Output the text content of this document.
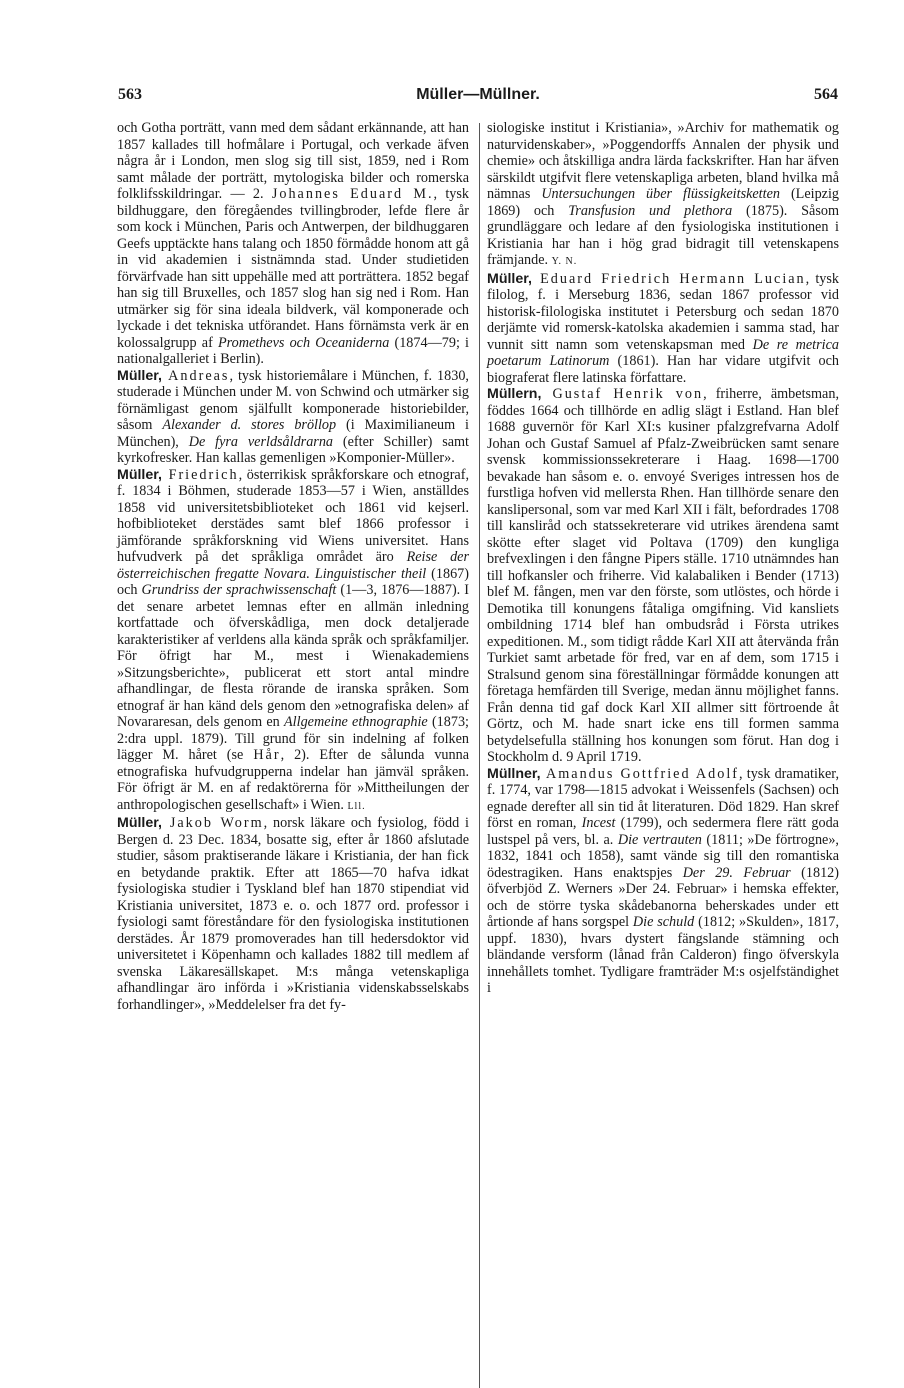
563	Müller—Müllner.	564

och Gotha porträtt, vann med dem sådant erkännande, att han 1857 kallades till hofmålare i Portugal, och verkade äfven några år i London, men slog sig till sist, 1859, ned i Rom samt målade der porträtt, mytologiska bilder och romerska folklifsskildringar. — 2. Johannes Eduard M., tysk bildhuggare, den föregåendes tvillingbroder, lefde flere år som kock i München, Paris och Antwerpen, der bildhuggaren Geefs upptäckte hans talang och 1850 förmådde honom att gå in vid akademien i sistnämnda stad. Under studietiden förvärfvade han sitt uppehälle med att porträttera. 1852 begaf han sig till Bruxelles, och 1857 slog han sig ned i Rom. Han utmärker sig för sina ideala bildverk, väl komponerade och lyckade i det tekniska utförandet. Hans förnämsta verk är en kolossalgrupp af Promethevs och Oceaniderna (1874—79; i nationalgalleriet i Berlin).

Müller, Andreas, tysk historiemålare i München, f. 1830, studerade i München under M. von Schwind och utmärker sig förnämligast genom själfullt komponerade historiebilder, såsom Alexander d. stores bröllop (i Maximilianeum i München), De fyra verldsåldrarna (efter Schiller) samt kyrkofresker. Han kallas gemenligen »Komponier-Müller».

Müller, Friedrich, österrikisk språkforskare och etnograf, f. 1834 i Böhmen, studerade 1853—57 i Wien, anställdes 1858 vid universitetsbiblioteket och 1861 vid kejserl. hofbiblioteket derstädes samt blef 1866 professor i jämförande språkforskning vid Wiens universitet. Hans hufvudverk på det språkliga området äro Reise der österreichischen fregatte Novara. Linguistischer theil (1867) och Grundriss der sprachwissenschaft (1—3, 1876—1887). I det senare arbetet lemnas efter en allmän inledning kortfattade och öfverskådliga, men dock detaljerade karakteristiker af verldens alla kända språk och språkfamiljer. För öfrigt har M., mest i Wienakademiens »Sitzungsberichte», publicerat ett stort antal mindre afhandlingar, de flesta rörande de iranska språken. Som etnograf är han känd dels genom den »etnografiska delen» af Novararesan, dels genom en Allgemeine ethnographie (1873; 2:dra uppl. 1879). Till grund för sin indelning af folken lägger M. håret (se Hår, 2). Efter de sålunda vunna etnografiska hufvudgrupperna indelar han jämväl språken. För öfrigt är M. en af redaktörerna för »Mittheilungen der anthropologischen gesellschaft» i Wien. Lll.

Müller, Jakob Worm, norsk läkare och fysiolog, född i Bergen d. 23 Dec. 1834, bosatte sig, efter år 1860 afslutade studier, såsom praktiserande läkare i Kristiania, der han fick en betydande praktik. Efter att 1865—70 hafva idkat fysiologiska studier i Tyskland blef han 1870 stipendiat vid Kristiania universitet, 1873 e. o. och 1877 ord. professor i fysiologi samt föreståndare för den fysiologiska institutionen derstädes. År 1879 promoverades han till hedersdoktor vid universitetet i Köpenhamn och kallades 1882 till medlem af svenska Läkaresällskapet. M:s många vetenskapliga afhandlingar äro införda i »Kristiania videnskabsselskabs forhandlinger», »Meddelelser fra det fy-

siologiske institut i Kristiania», »Archiv for mathematik og naturvidenskaber», »Poggendorffs Annalen der physik und chemie» och åtskilliga andra lärda fackskrifter. Han har äfven särskildt utgifvit flere vetenskapliga arbeten, bland hvilka må nämnas Untersuchungen über flüssigkeitsketten (Leipzig 1869) och Transfusion und plethora (1875). Såsom grundläggare och ledare af den fysiologiska institutionen i Kristiania har han i hög grad bidragit till vetenskapens främjande. Y. N.

Müller, Eduard Friedrich Hermann Lucian, tysk filolog, f. i Merseburg 1836, sedan 1867 professor vid historisk-filologiska institutet i Petersburg och sedan 1870 derjämte vid romersk-katolska akademien i samma stad, har vunnit sitt namn som vetenskapsman med De re metrica poetarum Latinorum (1861). Han har vidare utgifvit och biograferat flere latinska författare.

Müllern, Gustaf Henrik von, friherre, ämbetsman, föddes 1664 och tillhörde en adlig slägt i Estland. Han blef 1688 guvernör för Karl XI:s kusiner pfalzgrefvarna Adolf Johan och Gustaf Samuel af Pfalz-Zweibrücken samt senare svensk kommissionssekreterare i Haag. 1698—1700 bevakade han såsom e. o. envoyé Sveriges intressen hos de furstliga hofven vid mellersta Rhen. Han tillhörde senare den kanslipersonal, som var med Karl XII i fält, befordrades 1708 till kanslіråd och statssekreterare vid utrikes ärendena samt skötte efter slaget vid Poltava (1709) den kungliga brefvexlingen i den fångne Pipers ställe. 1710 utnämndes han till hofkansler och friherre. Vid kalabaliken i Bender (1713) blef M. fången, men var den förste, som utlöstes, och hörde i Demotika till konungens fåtaliga omgifning. Vid kansliets ombildning 1714 blef han ombudsråd i Första utrikes expeditionen. M., som tidigt rådde Karl XII att återvända från Turkiet samt arbetade för fred, var en af dem, som 1715 i Stralsund genom sina föreställningar förmådde konungen att företaga hemfärden till Sverige, medan ännu möjlighet fanns. Från denna tid gaf dock Karl XII allmer sitt förtroende åt Görtz, och M. hade snart icke ens till formen samma betydelsefulla ställning hos konungen som förut. Han dog i Stockholm d. 9 April 1719.

Müllner, Amandus Gottfried Adolf, tysk dramatiker, f. 1774, var 1798—1815 advokat i Weissenfels (Sachsen) och egnade derefter all sin tid åt literaturen. Död 1829. Han skref först en roman, Incest (1799), och sedermera flere rätt goda lustspel på vers, bl. a. Die vertrauten (1811; »De förtrogne», 1832, 1841 och 1858), samt vände sig till den romantiska ödestragiken. Hans enaktspjes Der 29. Februar (1812) öfverbjöd Z. Werners »Der 24. Februar» i hemska effekter, och de större tyska skådebanorna beherskades under ett årtionde af hans sorgspel Die schuld (1812; »Skulden», 1817, uppf. 1830), hvars dystert fängslande stämning och bländande versform (lånad från Calderon) fingo öfverskyla innehållets tomhet. Tydligare framträder M:s osjelfständighet i
